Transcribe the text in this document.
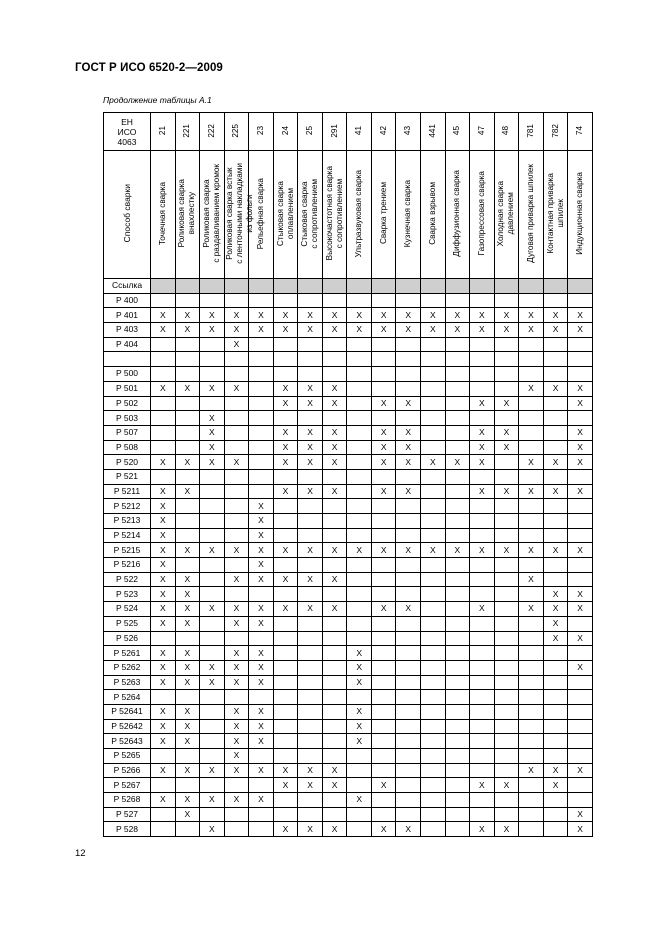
ГОСТ Р ИСО 6520-2—2009
Продолжение таблицы А.1
ЕН
ИСО
4063	21	221	222	225	23	24	25	291	41	42	43	441	45	47	48	781	782	74
Способ сварки	Точечная сварка	Роликовая сварка внахлестку	Роликовая сварка с раздавливанием кромок	Роликовая сварка встык с ленточными накладками из фольги	Рельефная сварка	Стыковая сварка оплавлением	Стыковая сварка с сопротивлением	Высокочастотная сварка с сопротивлением	Ультразвуковая сварка	Сварка трением	Кузнечная сварка	Сварка взрывом	Диффузионная сварка	Газопрессовая сварка	Холодная сварка давлением	Дуговая приварка шпилек	Контактная приварка шпилек	Индукционная сварка

Ссылка																		
P 400																		
P 401	X	X	X	X	X	X	X	X	X	X	X	X	X	X	X	X	X	X
P 403	X	X	X	X	X	X	X	X	X	X	X	X	X	X	X	X	X	X
P 404				X														

P 500																		
P 501	X	X	X	X		X	X	X								X	X	X
P 502						X	X	X		X	X			X	X			X
P 503			X															
P 507			X			X	X	X		X	X			X	X			X
P 508			X			X	X	X		X	X			X	X			X
P 520	X	X	X	X		X	X	X		X	X	X	X	X		X	X	X
P 521																		
P 5211	X	X				X	X	X		X	X			X	X	X	X	X
P 5212	X				X													
P 5213	X				X													
P 5214	X				X													
P 5215	X	X	X	X	X	X	X	X	X	X	X	X	X	X	X	X	X	X
P 5216	X				X													
P 522	X	X		X	X	X	X	X								X		
P 523	X	X															X	X
P 524	X	X	X	X	X	X	X	X		X	X			X		X	X	X
P 525	X	X		X	X												X	
P 526																	X	X
P 5261	X	X		X	X				X									
P 5262	X	X	X	X	X				X									X
P 5263	X	X	X	X	X				X									
P 5264																		
P 52641	X	X		X	X				X									
P 52642	X	X		X	X				X									
P 52643	X	X		X	X				X									
P 5265				X														
P 5266	X	X	X	X	X	X	X	X								X	X	X
P 5267						X	X	X		X				X	X		X	
P 5268	X	X	X	X	X				X									
P 527		X																X
P 528			X			X	X	X		X	X			X	X			X
12
